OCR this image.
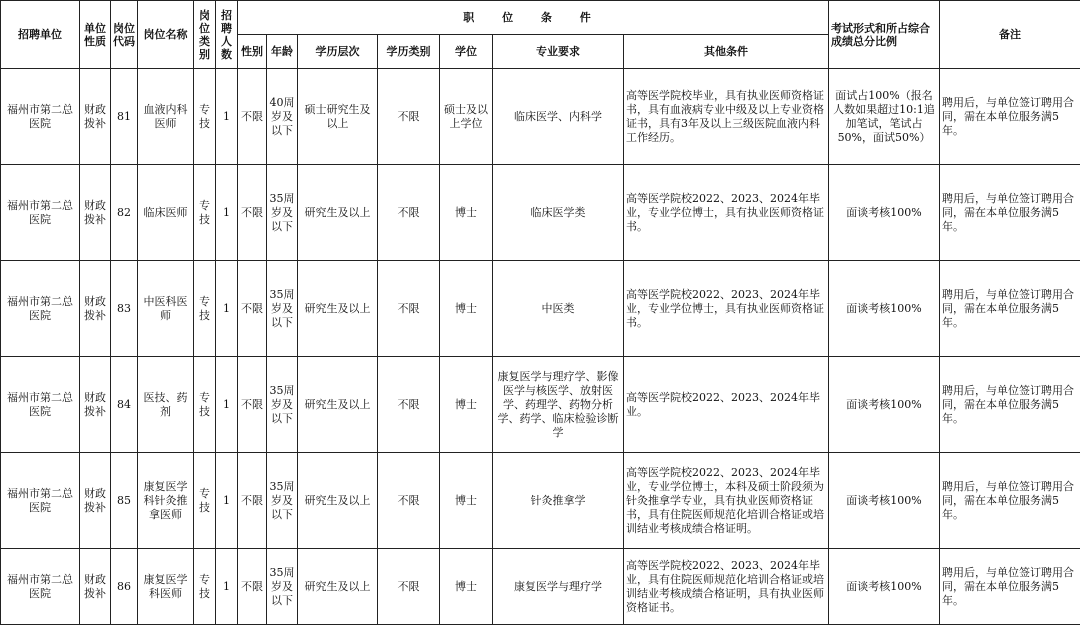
招聘单位	单位性质	岗位代码	岗位名称	岗位类别	招聘人数	职 位 条 件							考试形式和所占综合成绩总分比例	备注
						性别	年龄	学历层次	学历类别	学位	专业要求	其他条件		
福州市第二总医院	财政拨补	81	血液内科医师	专技	1	不限	40周岁及以下	硕士研究生及以上	不限	硕士及以上学位	临床医学、内科学	高等医学院校毕业，具有执业医师资格证书，具有血液病专业中级及以上专业资格证书，具有3年及以上三级医院血液内科工作经历。	面试占100%（报名人数如果超过10:1追加笔试，笔试占50%，面试50%）	聘用后，与单位签订聘用合同，需在本单位服务满5年。
福州市第二总医院	财政拨补	82	临床医师	专技	1	不限	35周岁及以下	研究生及以上	不限	博士	临床医学类	高等医学院校2022、2023、2024年毕业，专业学位博士，具有执业医师资格证书。	面谈考核100%	聘用后，与单位签订聘用合同，需在本单位服务满5年。
福州市第二总医院	财政拨补	83	中医科医师	专技	1	不限	35周岁及以下	研究生及以上	不限	博士	中医类	高等医学院校2022、2023、2024年毕业，专业学位博士，具有执业医师资格证书。	面谈考核100%	聘用后，与单位签订聘用合同，需在本单位服务满5年。
福州市第二总医院	财政拨补	84	医技、药剂	专技	1	不限	35周岁及以下	研究生及以上	不限	博士	康复医学与理疗学、影像医学与核医学、放射医学、药理学、药物分析学、药学、临床检验诊断学	高等医学院校2022、2023、2024年毕业。	面谈考核100%	聘用后，与单位签订聘用合同，需在本单位服务满5年。
福州市第二总医院	财政拨补	85	康复医学科针灸推拿医师	专技	1	不限	35周岁及以下	研究生及以上	不限	博士	针灸推拿学	高等医学院校2022、2023、2024年毕业，专业学位博士，本科及硕士阶段须为针灸推拿学专业，具有执业医师资格证书，具有住院医师规范化培训合格证或培训结业考核成绩合格证明。	面谈考核100%	聘用后，与单位签订聘用合同，需在本单位服务满5年。
福州市第二总医院	财政拨补	86	康复医学科医师	专技	1	不限	35周岁及以下	研究生及以上	不限	博士	康复医学与理疗学	高等医学院校2022、2023、2024年毕业，具有住院医师规范化培训合格证或培训结业考核成绩合格证明，具有执业医师资格证书。	面谈考核100%	聘用后，与单位签订聘用合同，需在本单位服务满5年。
